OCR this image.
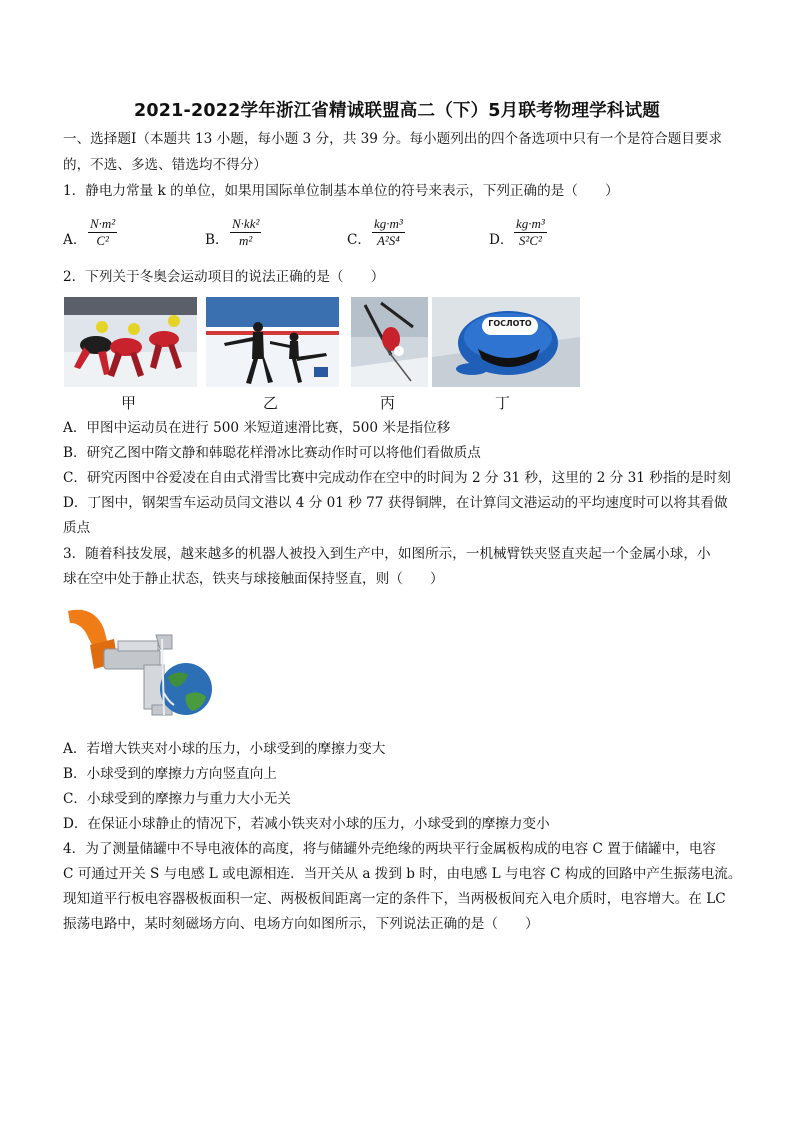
2021-2022学年浙江省精诚联盟高二（下）5月联考物理学科试题
一、选择题Ⅰ（本题共 13 小题，每小题 3 分，共 39 分。每小题列出的四个备选项中只有一个是符合题目要求
的，不选、多选、错选均不得分）
1．静电力常量 k 的单位，如果用国际单位制基本单位的符号来表示，下列正确的是（　　）
A． $\frac{\text{N·m²}}{\text{C²}}$	B． $\frac{\text{N·kk²}}{\text{m²}}$	C． $\frac{\text{kg·m³}}{\text{A²S⁴}}$	D． $\frac{\text{kg·m³}}{\text{S²C²}}$
2．下列关于冬奥会运动项目的说法正确的是（　　）
甲	乙	丙
ГОСЛОТО
丁
A．甲图中运动员在进行 500 米短道速滑比赛，500 米是指位移
B．研究乙图中隋文静和韩聪花样滑冰比赛动作时可以将他们看做质点
C．研究丙图中谷爱凌在自由式滑雪比赛中完成动作在空中的时间为 2 分 31 秒，这里的 2 分 31 秒指的是时刻
D．丁图中，钢架雪车运动员闫文港以 4 分 01 秒 77 获得铜牌，在计算闫文港运动的平均速度时可以将其看做
质点
3．随着科技发展，越来越多的机器人被投入到生产中，如图所示，一机械臂铁夹竖直夹起一个金属小球，小
球在空中处于静止状态，铁夹与球接触面保持竖直，则（　　）
A．若增大铁夹对小球的压力，小球受到的摩擦力变大
B．小球受到的摩擦力方向竖直向上
C．小球受到的摩擦力与重力大小无关
D．在保证小球静止的情况下，若减小铁夹对小球的压力，小球受到的摩擦力变小
4．为了测量储罐中不导电液体的高度，将与储罐外壳绝缘的两块平行金属板构成的电容 C 置于储罐中，电容
C 可通过开关 S 与电感 L 或电源相连．当开关从 a 拨到 b 时，由电感 L 与电容 C 构成的回路中产生振荡电流。
现知道平行板电容器极板面积一定、两极板间距离一定的条件下，当两极板间充入电介质时，电容增大。在 LC
振荡电路中，某时刻磁场方向、电场方向如图所示，下列说法正确的是（　　）
